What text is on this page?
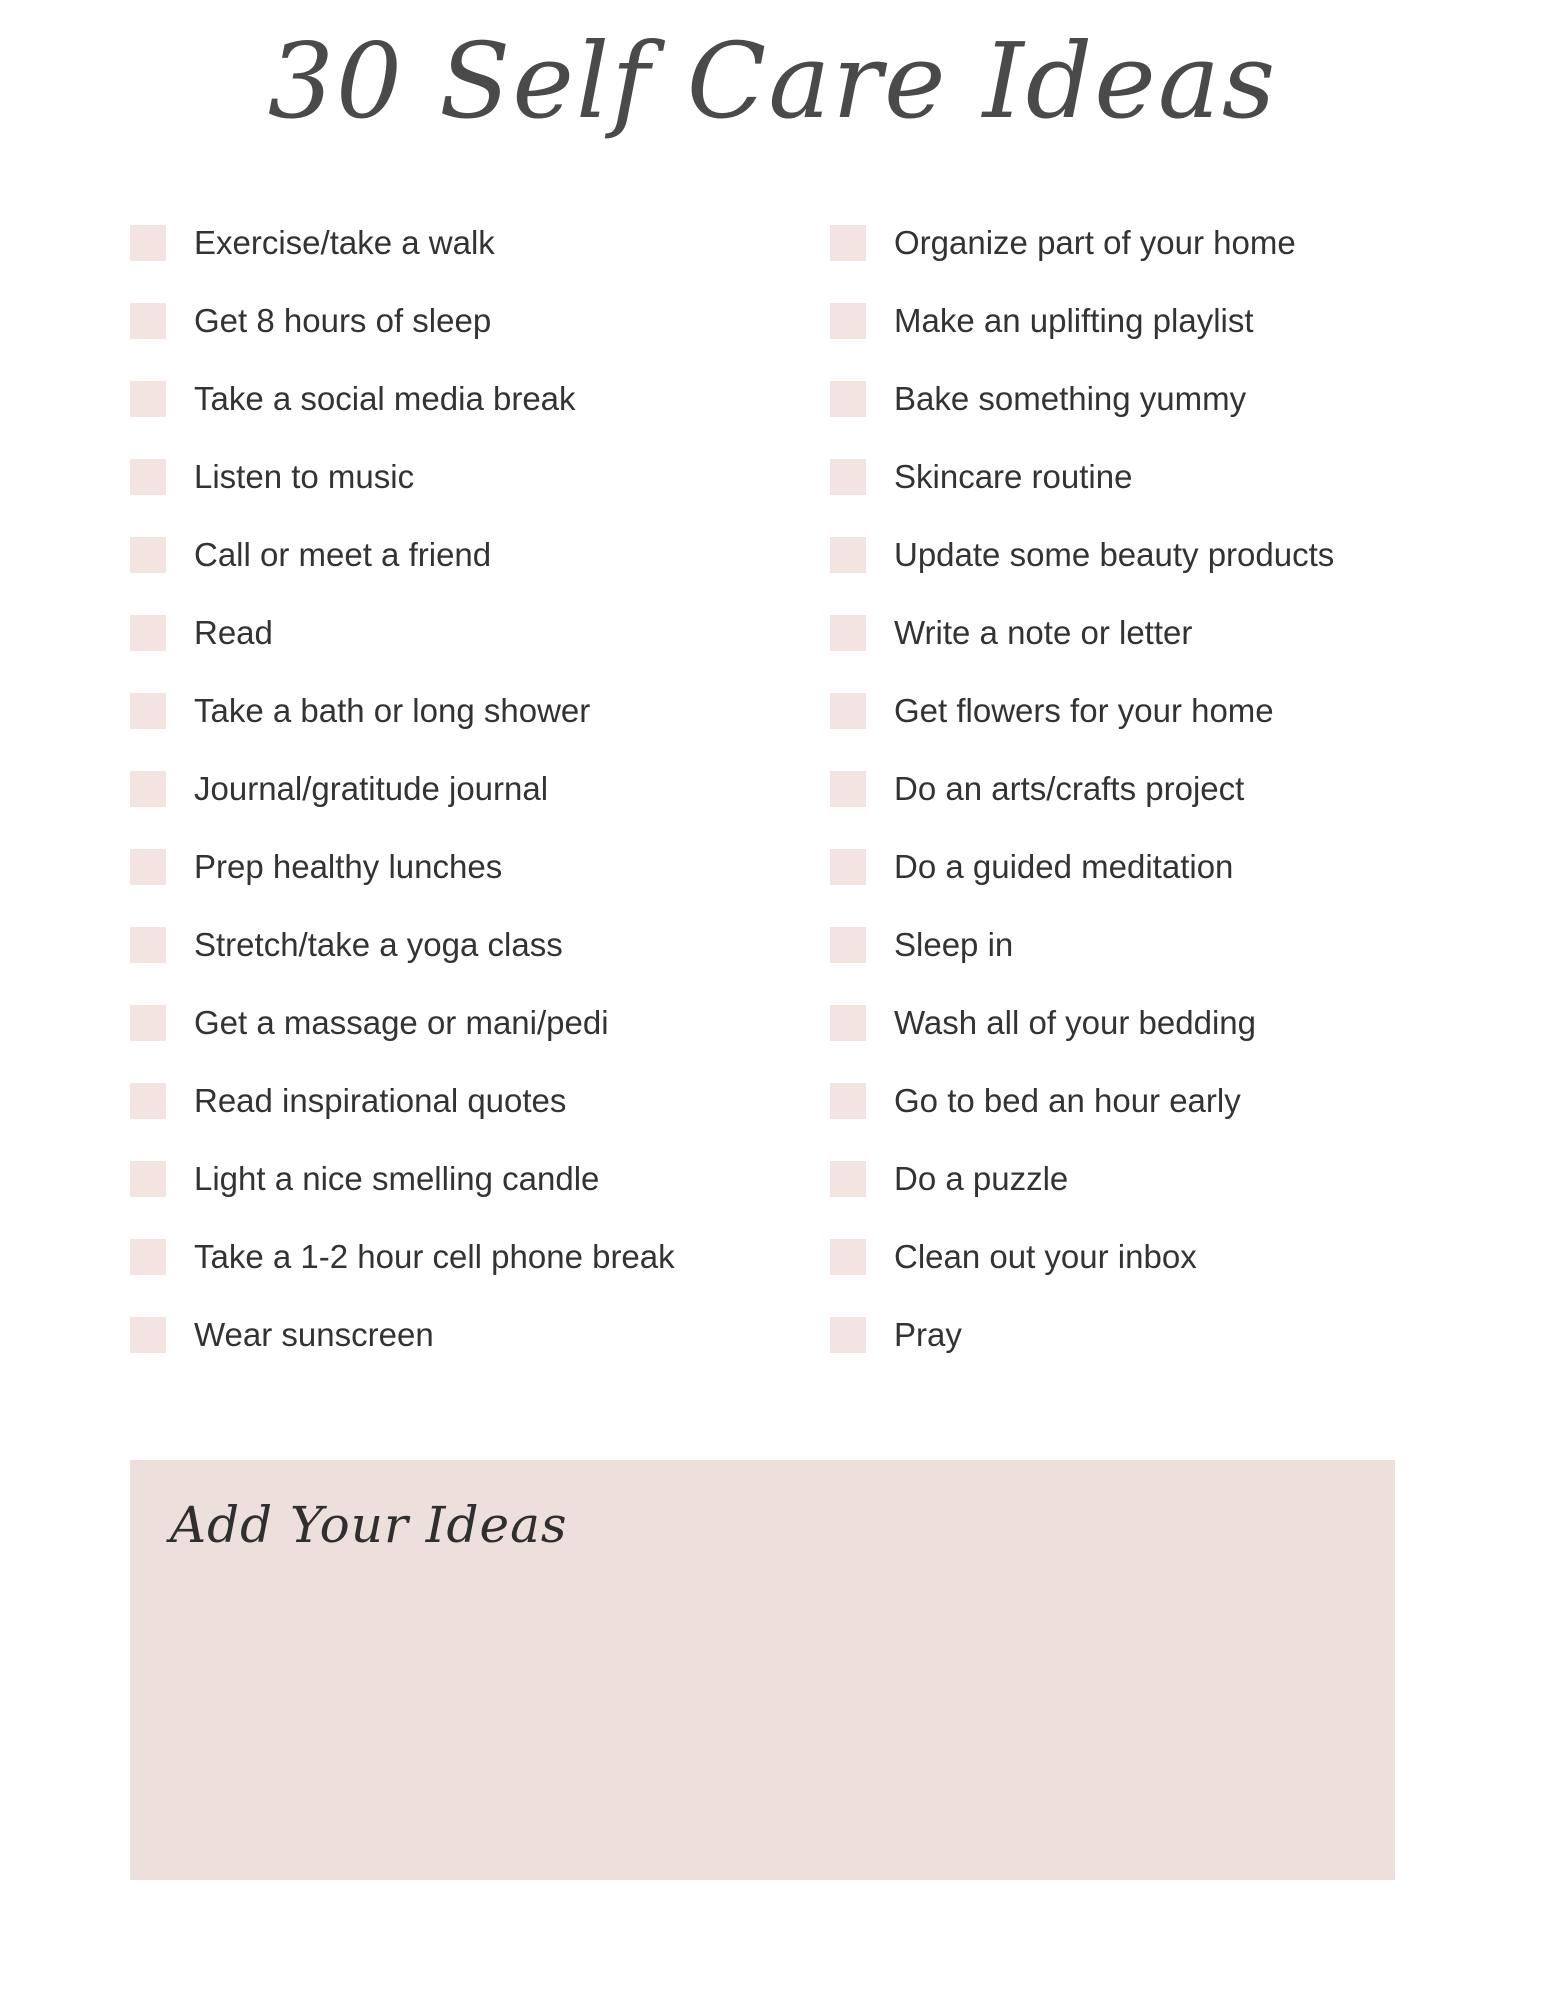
30 Self Care Ideas
Exercise/take a walk
Get 8 hours of sleep
Take a social media break
Listen to music
Call or meet a friend
Read
Take a bath or long shower
Journal/gratitude journal
Prep healthy lunches
Stretch/take a yoga class
Get a massage or mani/pedi
Read inspirational quotes
Light a nice smelling candle
Take a 1-2 hour cell phone break
Wear sunscreen
Organize part of your home
Make an uplifting playlist
Bake something yummy
Skincare routine
Update some beauty products
Write a note or letter
Get flowers for your home
Do an arts/crafts project
Do a guided meditation
Sleep in
Wash all of your bedding
Go to bed an hour early
Do a puzzle
Clean out your inbox
Pray
Add Your Ideas
